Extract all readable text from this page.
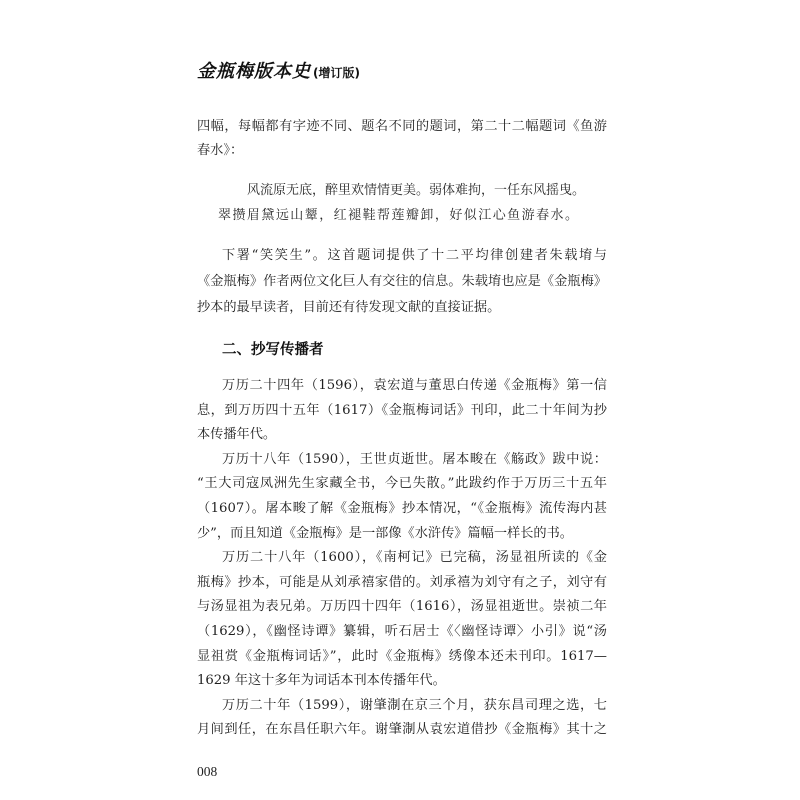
金瓶梅版本史 (增订版)
四幅，每幅都有字迹不同、题名不同的题词，第二十二幅题词《鱼游
春水》：
风流原无底，醉里欢情情更美。弱体难拘，一任东风摇曳。
翠攒眉黛远山颦，红褪鞋帮莲瓣卸，好似江心鱼游春水。
下署“笑笑生”。这首题词提供了十二平均律创建者朱载堉与
《金瓶梅》作者两位文化巨人有交往的信息。朱载堉也应是《金瓶梅》
抄本的最早读者，目前还有待发现文献的直接证据。
二、抄写传播者
万历二十四年（1596），袁宏道与董思白传递《金瓶梅》第一信
息，到万历四十五年（1617）《金瓶梅词话》刊印，此二十年间为抄
本传播年代。
万历十八年（1590），王世贞逝世。屠本畯在《觞政》跋中说：
“王大司寇凤洲先生家藏全书，今已失散。”此跋约作于万历三十五年
（1607）。屠本畯了解《金瓶梅》抄本情况，“《金瓶梅》流传海内甚
少”，而且知道《金瓶梅》是一部像《水浒传》篇幅一样长的书。
万历二十八年（1600），《南柯记》已完稿，汤显祖所读的《金
瓶梅》抄本，可能是从刘承禧家借的。刘承禧为刘守有之子，刘守有
与汤显祖为表兄弟。万历四十四年（1616），汤显祖逝世。崇祯二年
（1629），《幽怪诗谭》纂辑，听石居士《〈幽怪诗谭〉小引》说“汤
显祖赏《金瓶梅词话》”，此时《金瓶梅》绣像本还未刊印。1617—
1629 年这十多年为词话本刊本传播年代。
万历二十年（1599），谢肇淛在京三个月，获东昌司理之选，七
月间到任，在东昌任职六年。谢肇淛从袁宏道借抄《金瓶梅》其十之
008
